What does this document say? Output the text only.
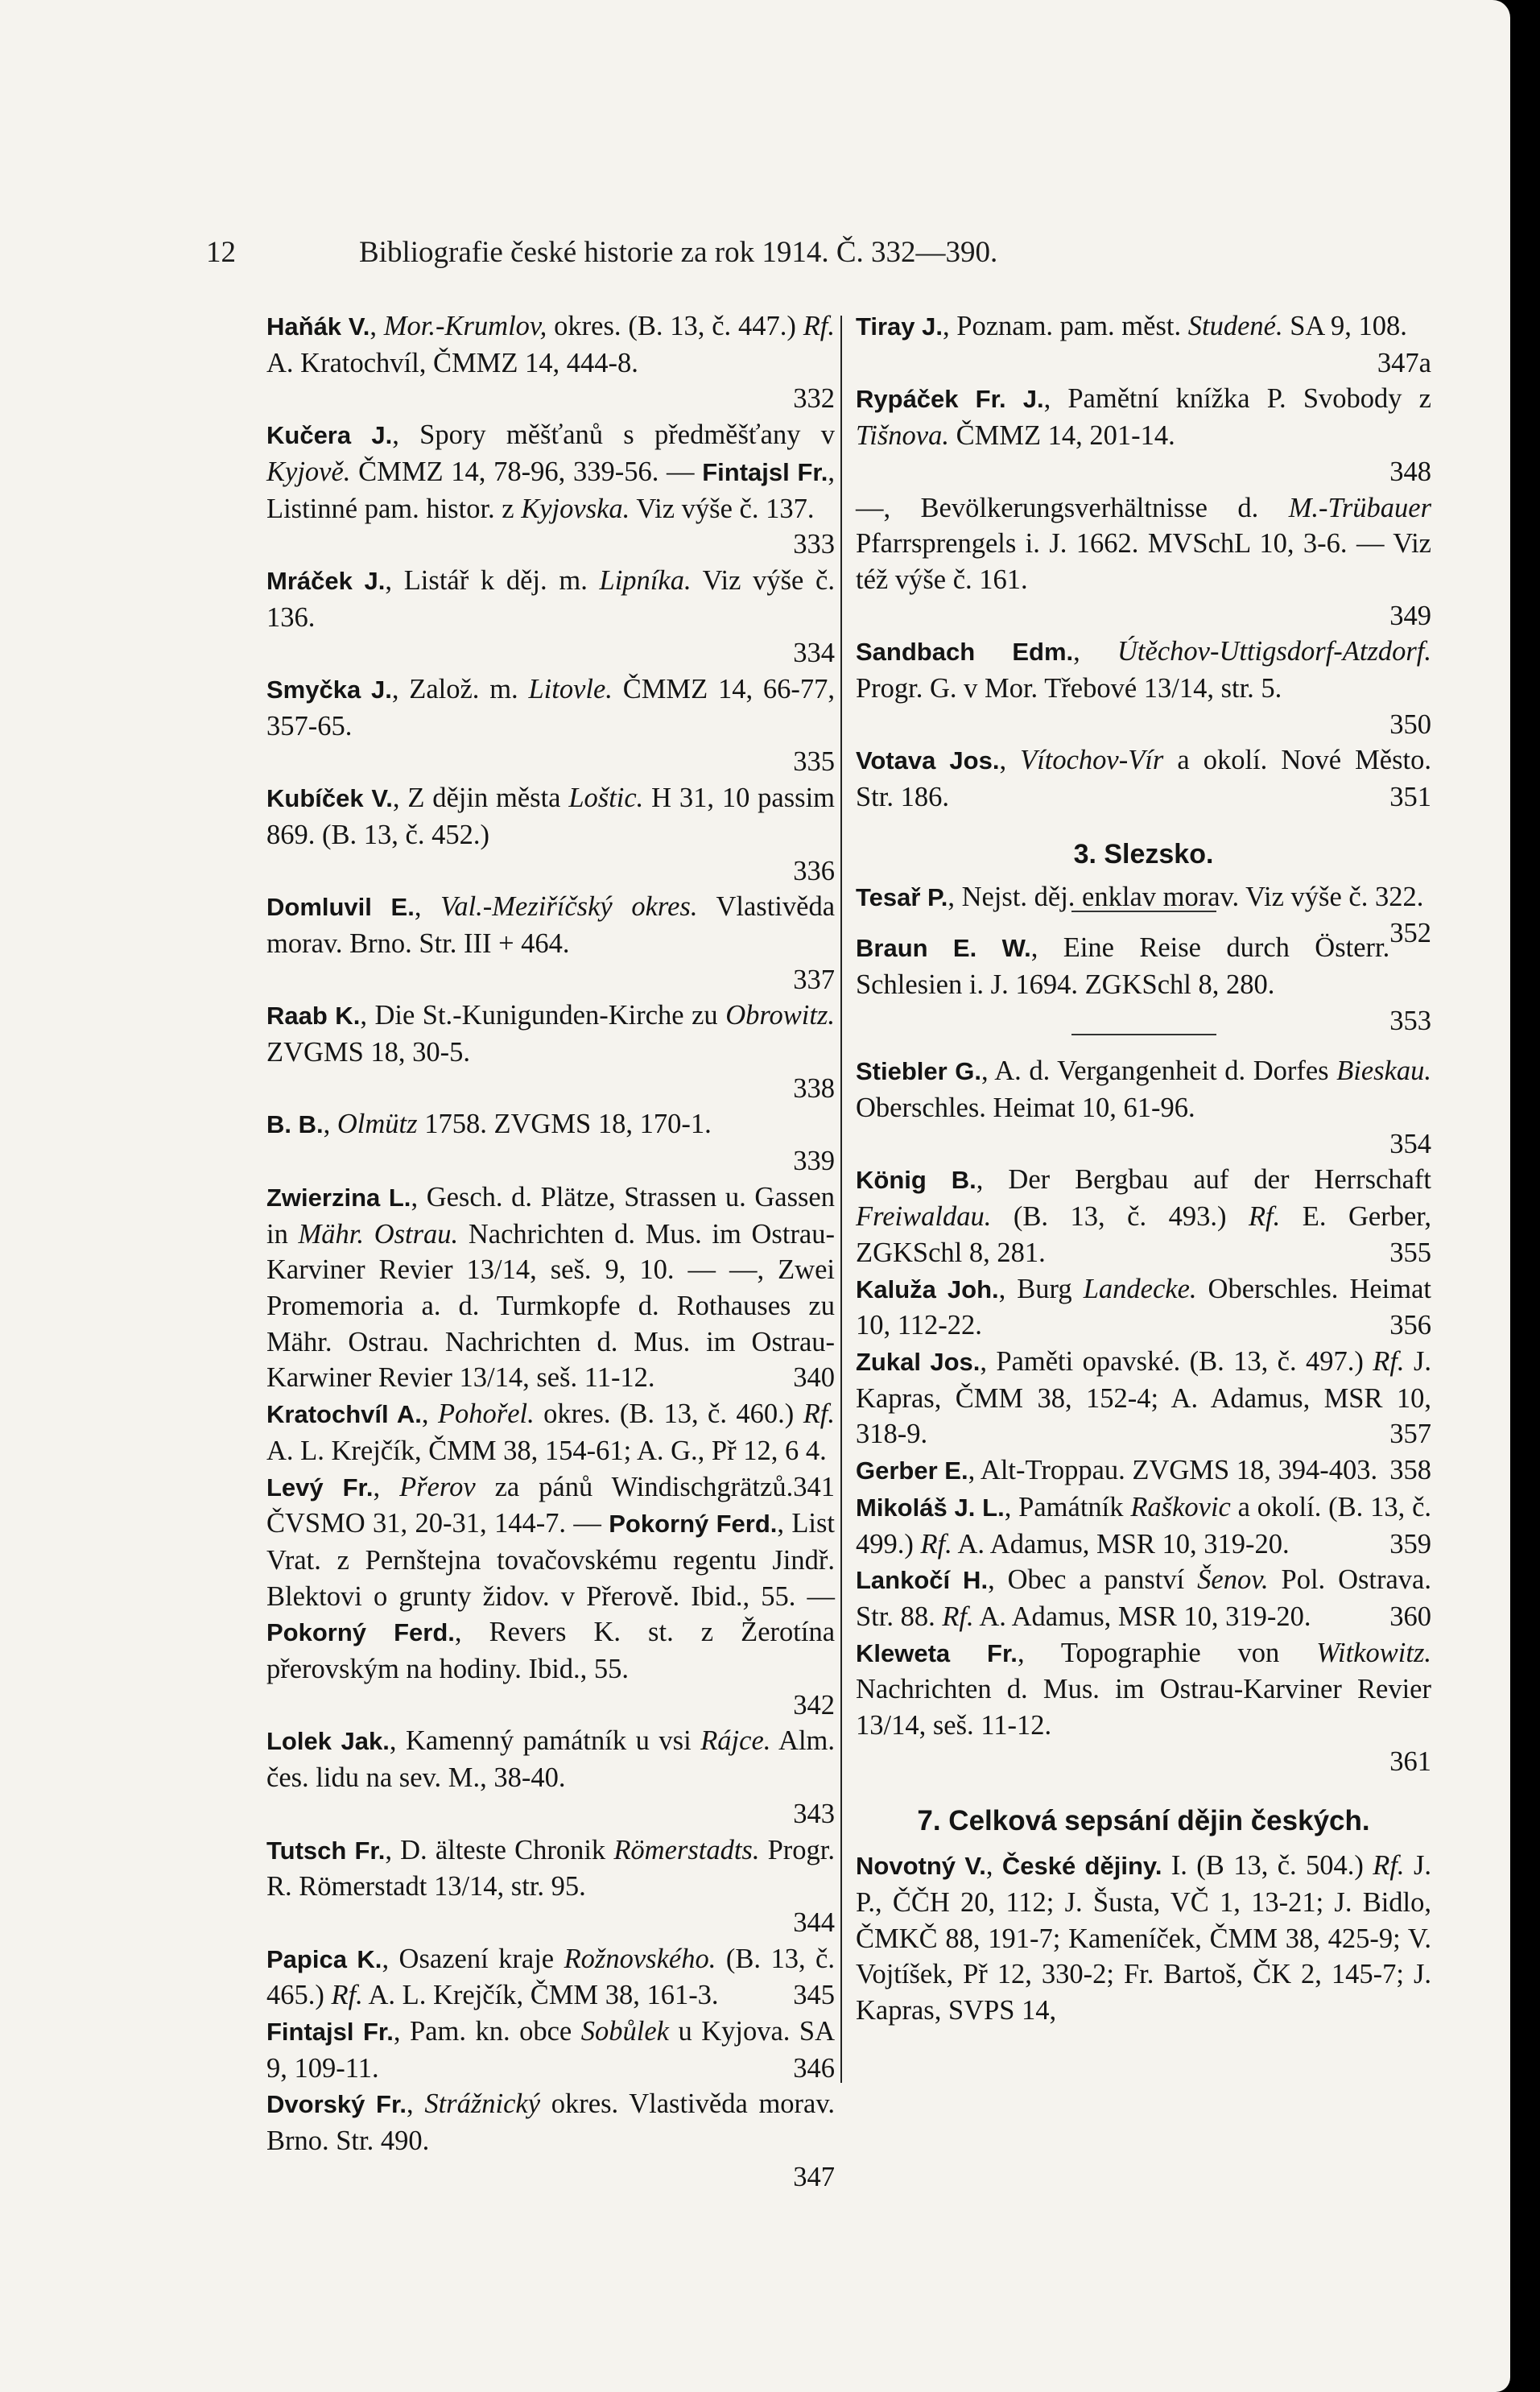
12	Bibliografie české historie za rok 1914. Č. 332—390.
Haňák V., Mor.-Krumlov, okres. (B. 13, č. 447.) Rf. A. Kratochvíl, ČMMZ 14, 444-8.
332
Kučera J., Spory měšťanů s předměšťany v Kyjově. ČMMZ 14, 78-96, 339-56. — Fintajsl Fr., Listinné pam. histor. z Kyjovska. Viz výše č. 137.
333
Mráček J., Listář k děj. m. Lipníka. Viz výše č. 136.
334
Smyčka J., Založ. m. Litovle. ČMMZ 14, 66-77, 357-65.
335
Kubíček V., Z dějin města Loštic. H 31, 10 passim 869. (B. 13, č. 452.)
336
Domluvil E., Val.-Meziříčský okres. Vlastivěda morav. Brno. Str. III + 464.
337
Raab K., Die St.-Kunigunden-Kirche zu Obrowitz. ZVGMS 18, 30-5.
338
B. B., Olmütz 1758. ZVGMS 18, 170-1.
339
Zwierzina L., Gesch. d. Plätze, Strassen u. Gassen in Mähr. Ostrau. Nachrichten d. Mus. im Ostrau-Karviner Revier 13/14, seš. 9, 10. — —, Zwei Promemoria a. d. Turmkopfe d. Rothauses zu Mähr. Ostrau. Nachrichten d. Mus. im Ostrau-Karwiner Revier 13/14, seš. 11-12.	340
Kratochvíl A., Pohořel. okres. (B. 13, č. 460.) Rf. A. L. Krejčík, ČMM 38, 154-61; A. G., Př 12, 6 4.
341
Levý Fr., Přerov za pánů Windischgrätzů. ČVSMO 31, 20-31, 144-7. — Pokorný Ferd., List Vrat. z Pernštejna tovačovskému regentu Jindř. Blektovi o grunty židov. v Přerově. Ibid., 55. — Pokorný Ferd., Revers K. st. z Žerotína přerovským na hodiny. Ibid., 55.
342
Lolek Jak., Kamenný památník u vsi Rájce. Alm. čes. lidu na sev. M., 38-40.
343
Tutsch Fr., D. älteste Chronik Römerstadts. Progr. R. Römerstadt 13/14, str. 95.
344
Papica K., Osazení kraje Rožnovského. (B. 13, č. 465.) Rf. A. L. Krejčík, ČMM 38, 161-3.	345
Fintajsl Fr., Pam. kn. obce Sobůlek u Kyjova. SA 9, 109-11.	346
Dvorský Fr., Strážnický okres. Vlastivěda morav. Brno. Str. 490.
347
Tiray J., Poznam. pam. měst. Studené. SA 9, 108.
347a
Rypáček Fr. J., Pamětní knížka P. Svobody z Tišnova. ČMMZ 14, 201-14.
348
—, Bevölkerungsverhältnisse d. M.-Trübauer Pfarrsprengels i. J. 1662. MVSchL 10, 3-6. — Viz též výše č. 161.
349
Sandbach Edm., Útěchov-Uttigsdorf-Atzdorf. Progr. G. v Mor. Třebové 13/14, str. 5.
350
Votava Jos., Vítochov-Vír a okolí. Nové Město. Str. 186.	351
3. Slezsko.
Tesař P., Nejst. děj. enklav morav. Viz výše č. 322.
352
Braun E. W., Eine Reise durch Österr. Schlesien i. J. 1694. ZGKSchl 8, 280.
353
Stiebler G., A. d. Vergangenheit d. Dorfes Bieskau. Oberschles. Heimat 10, 61-96.
354
König B., Der Bergbau auf der Herrschaft Freiwaldau. (B. 13, č. 493.) Rf. E. Gerber, ZGKSchl 8, 281.	355
Kaluža Joh., Burg Landecke. Oberschles. Heimat 10, 112-22.	356
Zukal Jos., Paměti opavské. (B. 13, č. 497.) Rf. J. Kapras, ČMM 38, 152-4; A. Adamus, MSR 10, 318-9.	357
Gerber E., Alt-Troppau. ZVGMS 18, 394-403. 358
Mikoláš J. L., Památník Raškovic a okolí. (B. 13, č. 499.) Rf. A. Adamus, MSR 10, 319-20.	359
Lankočí H., Obec a panství Šenov. Pol. Ostrava. Str. 88. Rf. A. Adamus, MSR 10, 319-20.	360
Kleweta Fr., Topographie von Witkowitz. Nachrichten d. Mus. im Ostrau-Karviner Revier 13/14, seš. 11-12.
361
7. Celková sepsání dějin českých.
Novotný V., České dějiny. I. (B 13, č. 504.) Rf. J. P., ČČH 20, 112; J. Šusta, VČ 1, 13-21; J. Bidlo, ČMKČ 88, 191-7; Kameníček, ČMM 38, 425-9; V. Vojtíšek, Př 12, 330-2; Fr. Bartoš, ČK 2, 145-7; J. Kapras, SVPS 14,
